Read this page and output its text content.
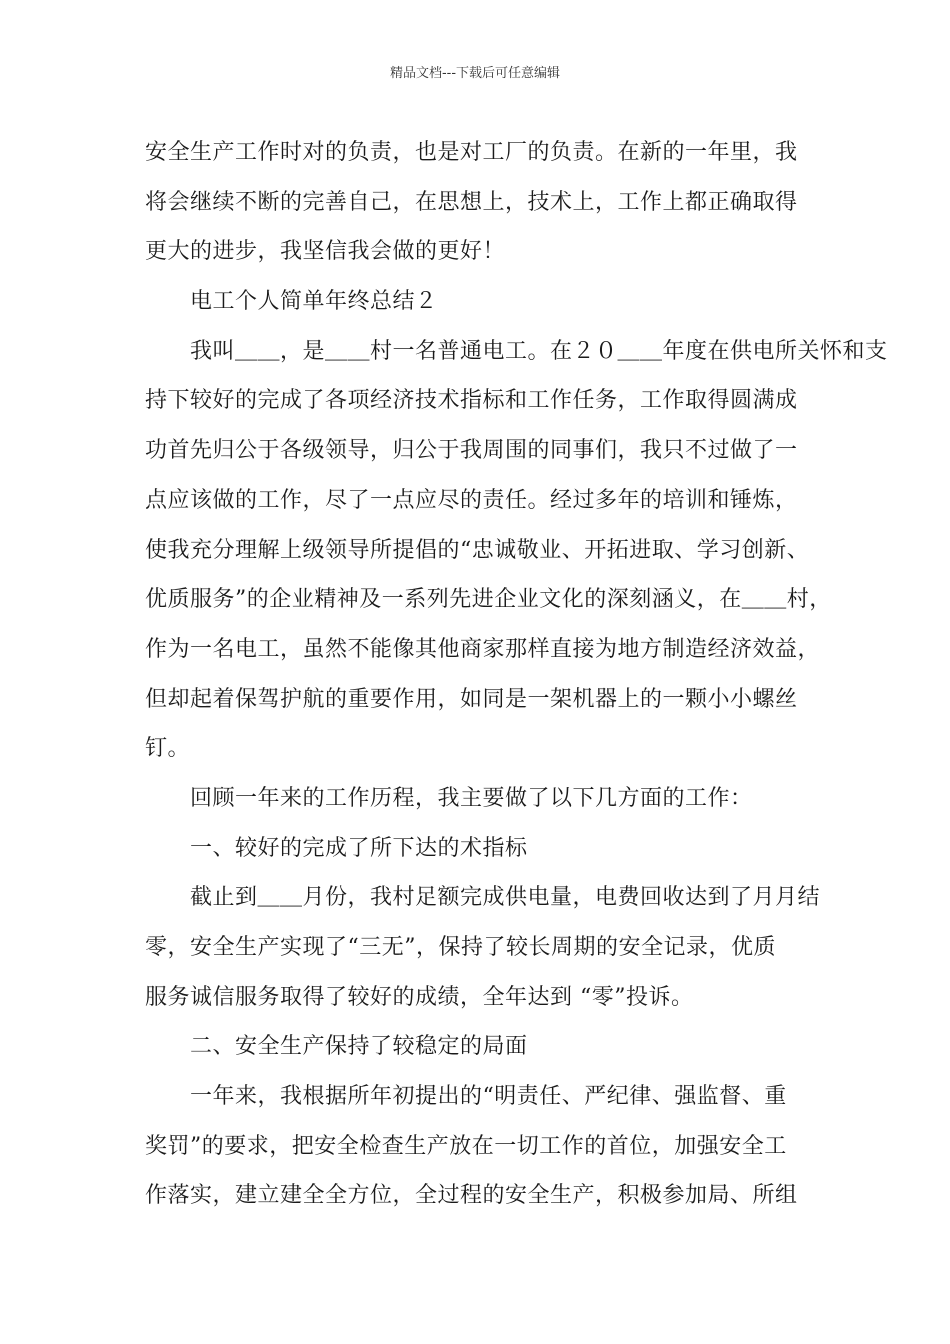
精品文档---下载后可任意编辑
安全生产工作时对的负责，也是对工厂的负责。在新的一年里，我
将会继续不断的完善自己，在思想上，技术上，工作上都正确取得
更大的进步，我坚信我会做的更好！
电工个人简单年终总结２
我叫＿＿，是＿＿村一名普通电工。在２０＿＿年度在供电所关怀和支
持下较好的完成了各项经济技术指标和工作任务，工作取得圆满成
功首先归公于各级领导，归公于我周围的同事们，我只不过做了一
点应该做的工作，尽了一点应尽的责任。经过多年的培训和锤炼，
使我充分理解上级领导所提倡的“忠诚敬业、开拓进取、学习创新、
优质服务”的企业精神及一系列先进企业文化的深刻涵义，在＿＿村，
作为一名电工，虽然不能像其他商家那样直接为地方制造经济效益，
但却起着保驾护航的重要作用，如同是一架机器上的一颗小小螺丝
钉。
回顾一年来的工作历程，我主要做了以下几方面的工作：
一、较好的完成了所下达的术指标
截止到＿＿月份，我村足额完成供电量，电费回收达到了月月结
零，安全生产实现了“三无”，保持了较长周期的安全记录，优质
服务诚信服务取得了较好的成绩，全年达到 “零”投诉。
二、安全生产保持了较稳定的局面
一年来，我根据所年初提出的“明责任、严纪律、强监督、重
奖罚”的要求，把安全检查生产放在一切工作的首位，加强安全工
作落实，建立建全全方位，全过程的安全生产，积极参加局、所组
